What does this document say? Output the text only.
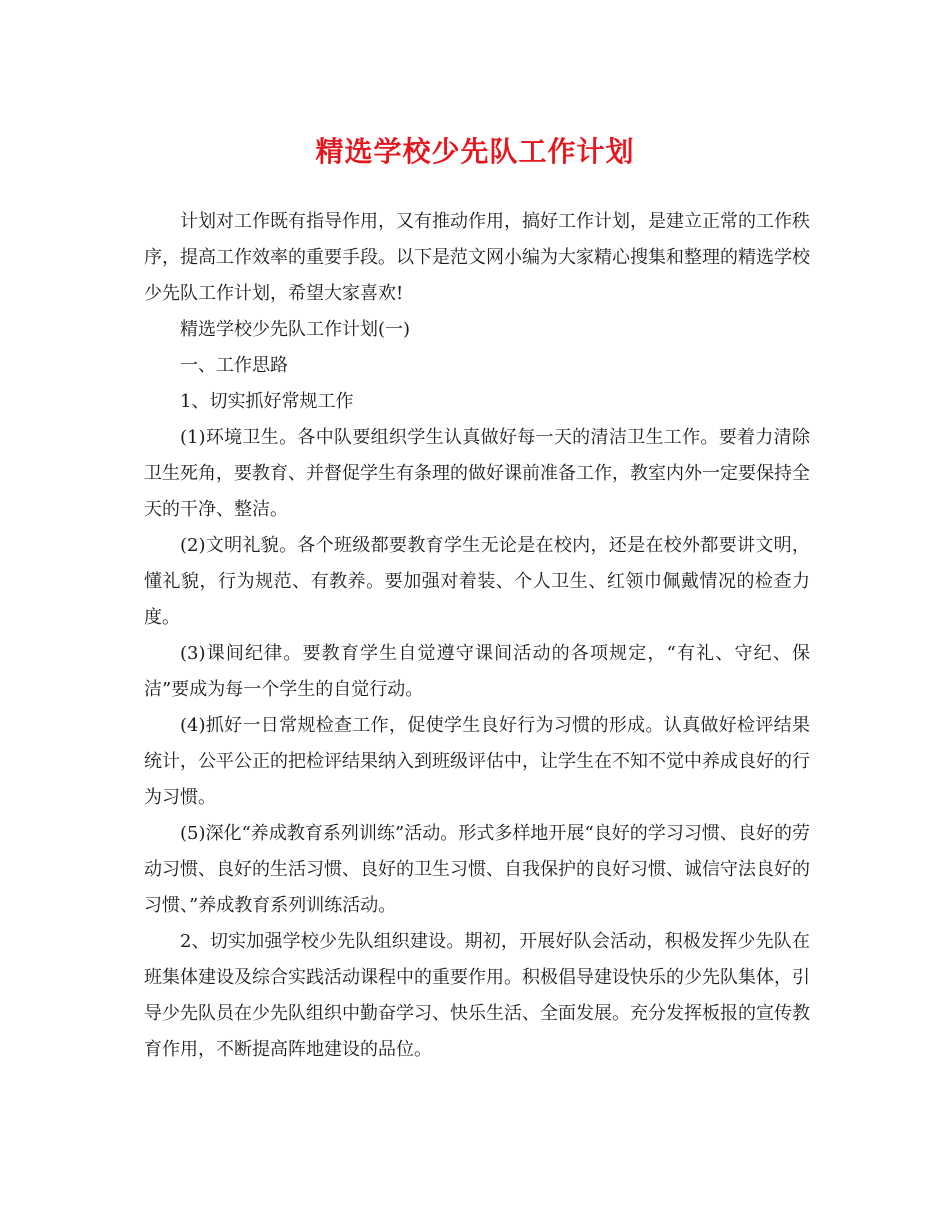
精选学校少先队工作计划

计划对工作既有指导作用，又有推动作用，搞好工作计划，是建立正常的工作秩序，提高工作效率的重要手段。以下是范文网小编为大家精心搜集和整理的精选学校少先队工作计划，希望大家喜欢!

精选学校少先队工作计划(一)

一、工作思路

1、切实抓好常规工作

(1)环境卫生。各中队要组织学生认真做好每一天的清洁卫生工作。要着力清除卫生死角，要教育、并督促学生有条理的做好课前准备工作，教室内外一定要保持全天的干净、整洁。

(2)文明礼貌。各个班级都要教育学生无论是在校内，还是在校外都要讲文明，懂礼貌，行为规范、有教养。要加强对着装、个人卫生、红领巾佩戴情况的检查力度。

(3)课间纪律。要教育学生自觉遵守课间活动的各项规定，“有礼、守纪、保洁”要成为每一个学生的自觉行动。

(4)抓好一日常规检查工作，促使学生良好行为习惯的形成。认真做好检评结果统计，公平公正的把检评结果纳入到班级评估中，让学生在不知不觉中养成良好的行为习惯。

(5)深化“养成教育系列训练”活动。形式多样地开展“良好的学习习惯、良好的劳动习惯、良好的生活习惯、良好的卫生习惯、自我保护的良好习惯、诚信守法良好的习惯、”养成教育系列训练活动。

2、切实加强学校少先队组织建设。期初，开展好队会活动，积极发挥少先队在班集体建设及综合实践活动课程中的重要作用。积极倡导建设快乐的少先队集体，引导少先队员在少先队组织中勤奋学习、快乐生活、全面发展。充分发挥板报的宣传教育作用，不断提高阵地建设的品位。
